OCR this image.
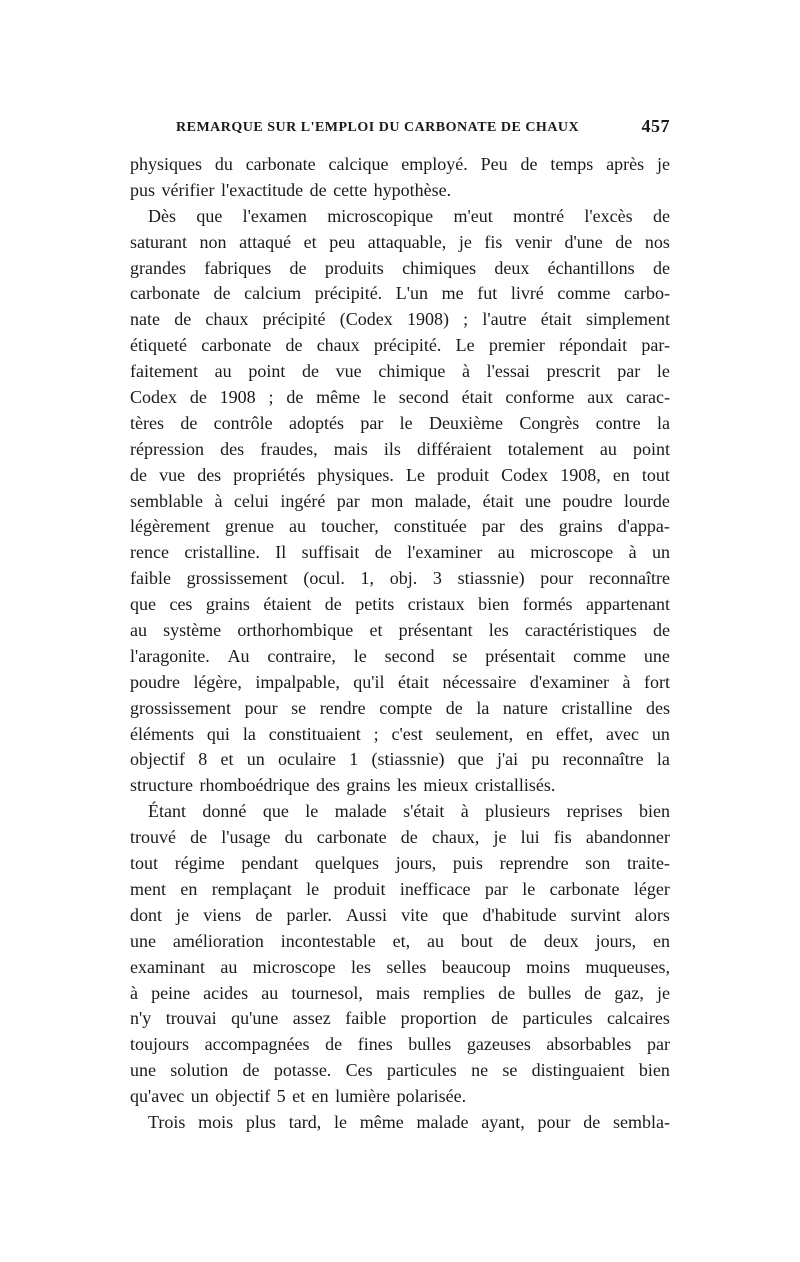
REMARQUE SUR L'EMPLOI DU CARBONATE DE CHAUX	457
physiques du carbonate calcique employé. Peu de temps après je
pus vérifier l'exactitude de cette hypothèse.
Dès que l'examen microscopique m'eut montré l'excès de
saturant non attaqué et peu attaquable, je fis venir d'une de nos
grandes fabriques de produits chimiques deux échantillons de
carbonate de calcium précipité. L'un me fut livré comme carbo-
nate de chaux précipité (Codex 1908) ; l'autre était simplement
étiqueté carbonate de chaux précipité. Le premier répondait par-
faitement au point de vue chimique à l'essai prescrit par le
Codex de 1908 ; de même le second était conforme aux carac-
tères de contrôle adoptés par le Deuxième Congrès contre la
répression des fraudes, mais ils différaient totalement au point
de vue des propriétés physiques. Le produit Codex 1908, en tout
semblable à celui ingéré par mon malade, était une poudre lourde
légèrement grenue au toucher, constituée par des grains d'appa-
rence cristalline. Il suffisait de l'examiner au microscope à un
faible grossissement (ocul. 1, obj. 3 stiassnie) pour reconnaître
que ces grains étaient de petits cristaux bien formés appartenant
au système orthorhombique et présentant les caractéristiques de
l'aragonite. Au contraire, le second se présentait comme une
poudre légère, impalpable, qu'il était nécessaire d'examiner à fort
grossissement pour se rendre compte de la nature cristalline des
éléments qui la constituaient ; c'est seulement, en effet, avec un
objectif 8 et un oculaire 1 (stiassnie) que j'ai pu reconnaître la
structure rhomboédrique des grains les mieux cristallisés.
Étant donné que le malade s'était à plusieurs reprises bien
trouvé de l'usage du carbonate de chaux, je lui fis abandonner
tout régime pendant quelques jours, puis reprendre son traite-
ment en remplaçant le produit inefficace par le carbonate léger
dont je viens de parler. Aussi vite que d'habitude survint alors
une amélioration incontestable et, au bout de deux jours, en
examinant au microscope les selles beaucoup moins muqueuses,
à peine acides au tournesol, mais remplies de bulles de gaz, je
n'y trouvai qu'une assez faible proportion de particules calcaires
toujours accompagnées de fines bulles gazeuses absorbables par
une solution de potasse. Ces particules ne se distinguaient bien
qu'avec un objectif 5 et en lumière polarisée.
Trois mois plus tard, le même malade ayant, pour de sembla-
